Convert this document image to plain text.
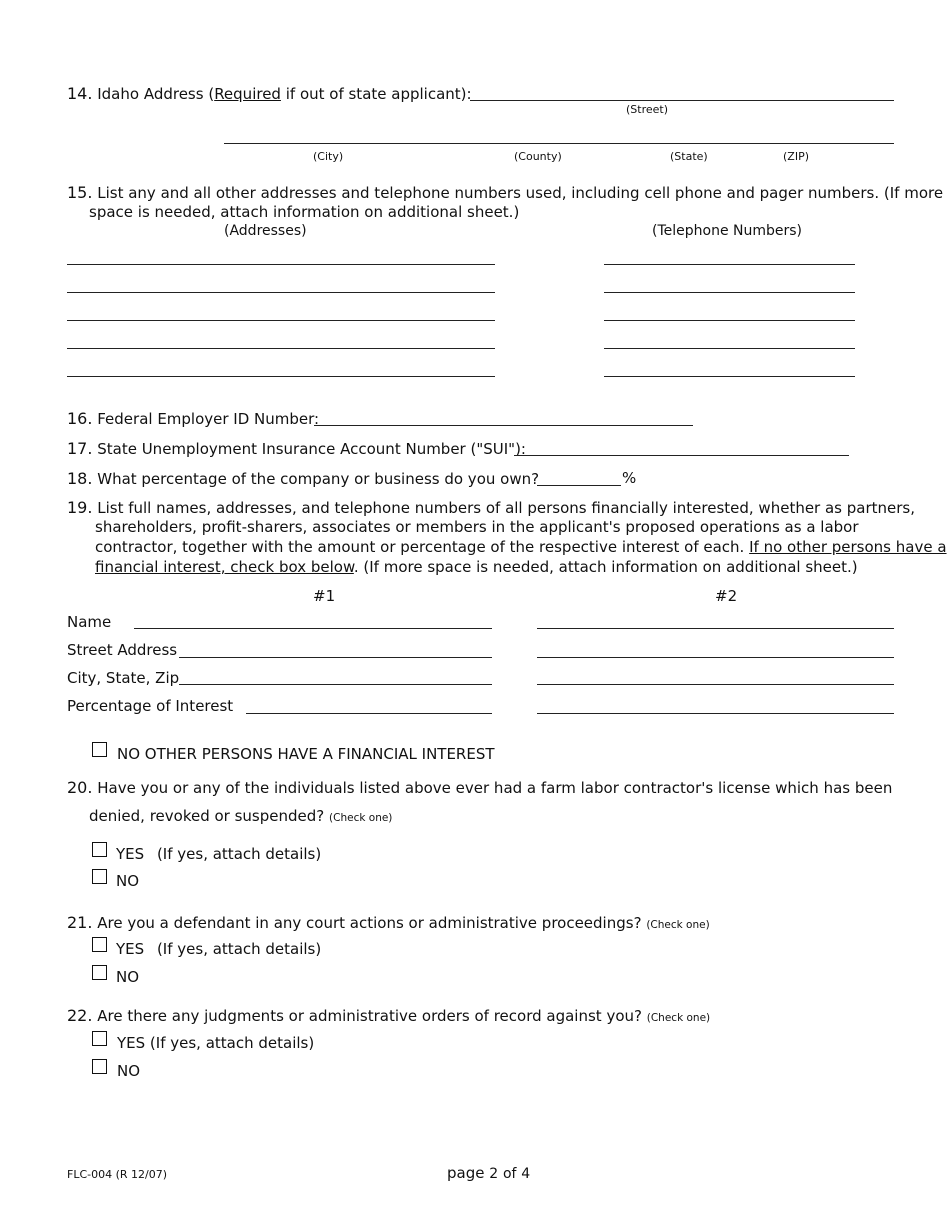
14. Idaho Address (Required if out of state applicant):
(Street)
(City)	(County)	(State)	(ZIP)
15. List any and all other addresses and telephone numbers used, including cell phone and pager numbers. (If more
space is needed, attach information on additional sheet.)
(Addresses)	(Telephone Numbers)
16. Federal Employer ID Number:
17. State Unemployment Insurance Account Number ("SUI"):
18. What percentage of the company or business do you own?	%
19. List full names, addresses, and telephone numbers of all persons financially interested, whether as partners,
shareholders, profit-sharers, associates or members in the applicant's proposed operations as a labor
contractor, together with the amount or percentage of the respective interest of each. If no other persons have a
financial interest, check box below. (If more space is needed, attach information on additional sheet.)
#1	#2
Name
Street Address
City, State, Zip
Percentage of Interest
NO OTHER PERSONS HAVE A FINANCIAL INTEREST
20. Have you or any of the individuals listed above ever had a farm labor contractor's license which has been
denied, revoked or suspended? (Check one)
YES (If yes, attach details)
NO
21. Are you a defendant in any court actions or administrative proceedings? (Check one)
YES (If yes, attach details)
NO
22. Are there any judgments or administrative orders of record against you? (Check one)
YES (If yes, attach details)
NO
FLC-004 (R 12/07)	page 2 of 4
